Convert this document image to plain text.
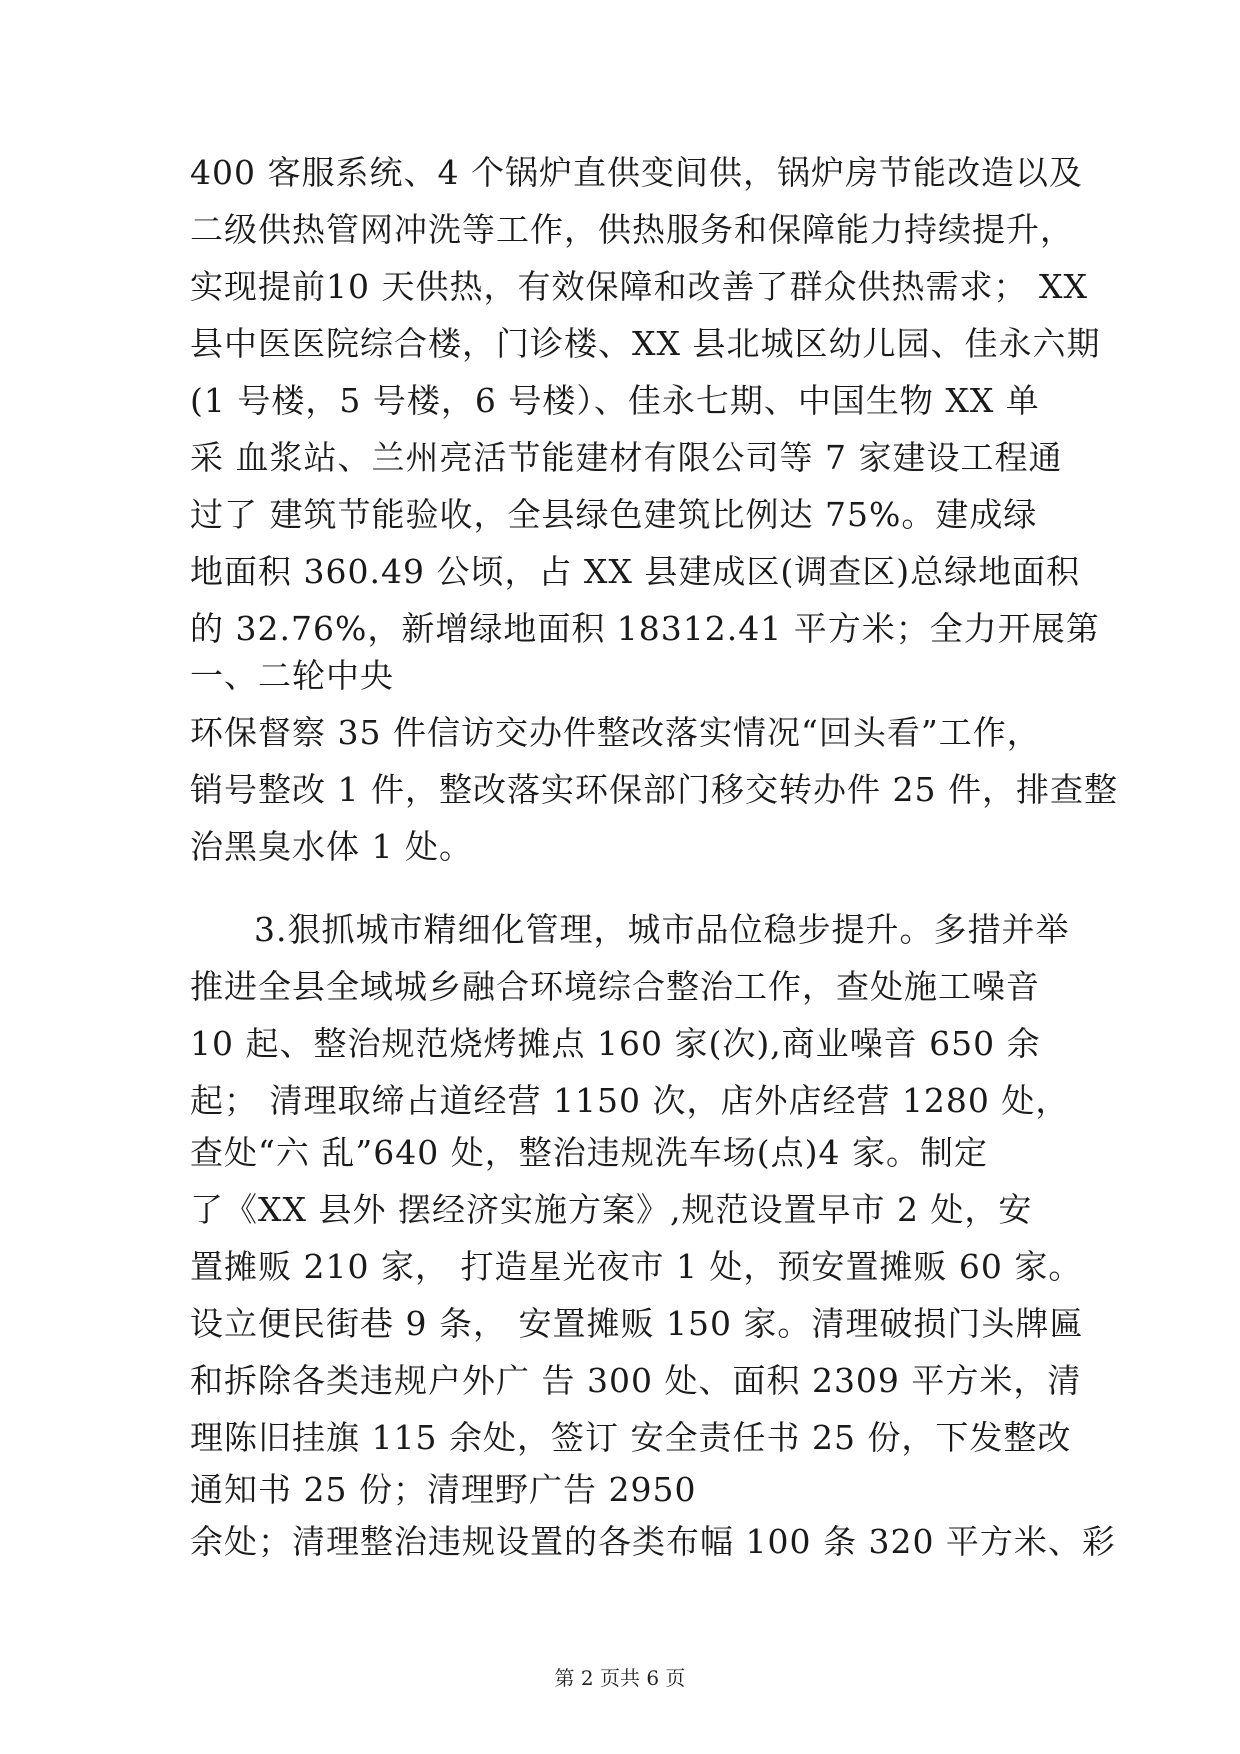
400 客服系统、4 个锅炉直供变间供，锅炉房节能改造以及
二级供热管网冲洗等工作，供热服务和保障能力持续提升，
实现提前10 天供热，有效保障和改善了群众供热需求； XX
县中医医院综合楼，门诊楼、XX 县北城区幼儿园、佳永六期
(1 号楼，5 号楼，6 号楼）、佳永七期、中国生物 XX 单
采 血浆站、兰州亮活节能建材有限公司等 7 家建设工程通
过了 建筑节能验收，全县绿色建筑比例达 75%。建成绿
地面积 360.49 公顷，占 XX 县建成区(调查区)总绿地面积
的 32.76%，新增绿地面积 18312.41 平方米；全力开展第
一、二轮中央
环保督察 35 件信访交办件整改落实情况“回头看”工作，
销号整改 1 件，整改落实环保部门移交转办件 25 件，排查整
治黑臭水体 1 处。
3.狠抓城市精细化管理，城市品位稳步提升。多措并举
推进全县全域城乡融合环境综合整治工作，查处施工噪音
10 起、整治规范烧烤摊点 160 家(次),商业噪音 650 余
起； 清理取缔占道经营 1150 次，店外店经营 1280 处，
查处“六 乱”640 处，整治违规洗车场(点)4 家。制定
了《XX 县外 摆经济实施方案》,规范设置早市 2 处，安
置摊贩 210 家， 打造星光夜市 1 处，预安置摊贩 60 家。
设立便民街巷 9 条， 安置摊贩 150 家。清理破损门头牌匾
和拆除各类违规户外广 告 300 处、面积 2309 平方米，清
理陈旧挂旗 115 余处，签订 安全责任书 25 份，下发整改
通知书 25 份；清理野广告 2950
余处；清理整治违规设置的各类布幅 100 条 320 平方米、彩
第 2 页共 6 页
